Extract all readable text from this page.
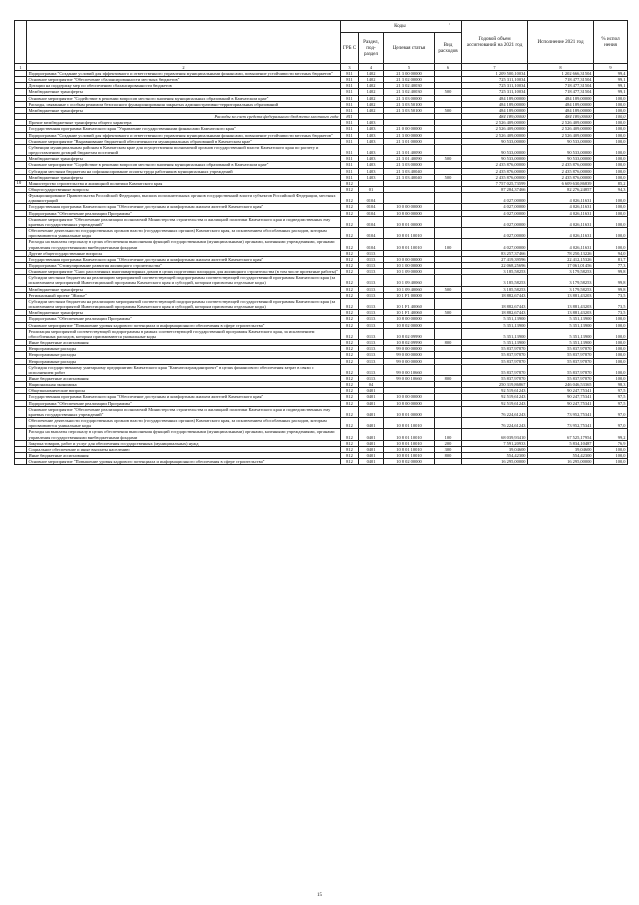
		Коды '				Годовой объем ассигнований на 2021 год	Исполнение 2021 год	% испол нения
		ГРБ С	Раздел, под-раздел	Целевая статья	Вид расходов			
1	2	3	4	5	6	7	8	9
	Подпрограмма "Создание условий для эффективного и ответственного управления муниципальными финансами, повышение устойчивости местных бюджетов"	811	1402	21 3 00 00000		1 209 500,10034	1 202 666,31504	99,4
	Основное мероприятие "Обеспечение сбалансированности местных бюджетов"	811	1402	21 3 02 00000		725 311,10034	718 477,31504	99,1
	Дотации на поддержку мер по обеспечению сбалансированности бюджетов	811	1402	21 3 02 40030		725 311,10034	718 477,31504	99,1
	Межбюджетные трансферты	811	1402	21 3 02 40030	500	725 311,10034	718 477,31504	99,1
	Основное мероприятие "Содействие в решении вопросов местного значения муниципальных образований в Камчатском крае"	811	1402	21 3 03 00000		484 189,00000	484 189,00000	100,0
	Расходы, связанные с особым режимом безопасного функционирования закрытых административно-территориальных образований	811	1402	21 3 03 50100		484 189,00000	484 189,00000	100,0
	Межбюджетные трансферты	811	1402	21 3 03 50100	500	484 189,00000	484 189,00000	100,0
	Расходы за счет средств федерального бюджета местного года	811				484 189,00000	484 189,00000	100,0
	Прочие межбюджетные трансферты общего характера	811	1403			2 526 409,00000	2 526 409,00000	100,0
	Государственная программа Камчатского края "Управление государственными финансами Камчатского края"	811	1403	21 0 00 00000		2 526 409,00000	2 526 409,00000	100,0
	Подпрограмма "Создание условий для эффективного и ответственного управления муниципальными финансами, повышение устойчивости местных бюджетов"	811	1403	21 3 00 00000		2 526 409,00000	2 526 409,00000	100,0
	Основное мероприятие "Выравнивание бюджетной обеспеченности муниципальных образований в Камчатском крае"	811	1403	21 3 01 00000		90 533,00000	90 533,00000	100,0
	Субвенции муниципальным районам в Камчатском крае для осуществления полномочий органов государственной власти Камчатского края по расчету и предоставлению дотаций бюджетам поселений	811	1403	21 3 01 40090		90 533,00000	90 533,00000	100,0
	Межбюджетные трансферты	811	1403	21 3 01 40090	500	90 533,00000	90 533,00000	100,0
	Основное мероприятие "Содействие в решении вопросов местного значения муниципальных образований в Камчатском крае"	811	1403	21 3 03 00000		2 435 876,00000	2 435 876,00000	100,0
	Субсидии местным бюджетам на софинансирование оплаты труда работников муниципальных учреждений	811	1403	21 3 03 40040		2 435 876,00000	2 435 876,00000	100,0
	Межбюджетные трансферты	811	1403	21 3 03 40040	500	2 435 876,00000	2 435 876,00000	100,0
10	Министерство строительства и жилищной политики Камчатского края	812				7 757 025,73599	6 609 630,86839	85,2
	Общегосударственные вопросы	812	01			87 284,37466	82 276,24857	94,3
	Функционирование Правительства Российской Федерации, высших исполнительных органов государственной власти субъектов Российской Федерации, местных администраций	812	0104			4 027,00000	4 026,11631	100,0
	Государственная программа Камчатского края "Обеспечение доступным и комфортным жильем жителей Камчатского края"	812	0104	10 0 00 00000		4 027,00000	4 026,11631	100,0
	Подпрограмма "Обеспечение реализации Программы"	812	0104	10 8 00 00000		4 027,00000	4 026,11631	100,0
	Основное мероприятие "Обеспечение реализации полномочий Министерства строительства и жилищной политики Камчатского края и подведомственных ему краевых государственных учреждений"	812	0104	10 8 01 00000		4 027,00000	4 026,11631	100,0
	Обеспечение деятельности государственных органов власти (государственных органов) Камчатского края, за исключением обособленных расходов, которым присваиваются уникальные коды	812	0104	10 8 01 10010		4 027,00000	4 026,11631	100,0
	Расходы на выплаты персоналу в целях обеспечения выполнения функций государственными (муниципальными) органами, казенными учреждениями, органами управления государственными внебюджетными фондами	812	0104	10 8 01 10010	100	4 027,00000	4 026,11631	100,0
	Другие общегосударственные вопросы	812	0113			83 257,37466	78 250,13226	94,0
	Государственная программа Камчатского края "Обеспечение доступным и комфортным жильем жителей Камчатского края"	812	0113	10 0 00 00000		27 419,39596	22 412,15326	81,7
	Подпрограмма "Стимулирование развития жилищного строительства"	812	0113	10 1 00 00000		22 068,25696	17 061,01456	77,3
	Основное мероприятие "Снос расселенных многоквартирных домов в целях подготовки площадок для жилищного строительства (в том числе проектные работы)"	812	0113	10 1 09 00000		3 185,58253	3 179,58253	99,8
	Субсидии местным бюджетам на реализацию мероприятий соответствующей подпрограммы соответствующей государственной программы Камчатского края (за исключением мероприятий Инвестиционной программы Камчатского края и субсидий, которым присвоены отдельные коды)	812	0113	10 1 09 40060		3 185,58253	3 179,58253	99,8
	Межбюджетные трансферты	812	0113	10 1 09 40060	500	3 185,58253	3 179,58253	99,8
	Региональный проект "Жилье"	812	0113	10 1 F1 00000		18 882,67443	13 881,43203	73,5
	Субсидии местным бюджетам на реализацию мероприятий соответствующей подпрограммы соответствующей государственной программы Камчатского края (за исключением мероприятий Инвестиционной программы Камчатского края и субсидий, которым присвоены отдельные коды)	812	0113	10 1 F1 40060		18 882,67443	13 881,43203	73,5
	Межбюджетные трансферты	812	0113	10 1 F1 40060	500	18 882,67443	13 881,43203	73,5
	Подпрограмма "Обеспечение реализации Программы"	812	0113	10 8 00 00000		5 351,13900	5 351,13900	100,0
	Основное мероприятие "Повышение уровня кадрового потенциала и информационного обеспечения в сфере строительства"	812	0113	10 8 02 00000		5 351,13900	5 351,13900	100,0
	Реализация мероприятий соответствующей подпрограммы в рамках соответствующей государственной программы Камчатского края, за исключением обособленных расходов, которым присваиваются уникальные коды	812	0113	10 8 02 09990		5 351,13900	5 351,13900	100,0
	Иные бюджетные ассигнования	812	0113	10 8 02 09990	800	5 351,13900	5 351,13900	100,0
	Непрограммные расходы	812	0113	99 0 00 00000		55 837,97870	55 837,97870	100,0
	Непрограммные расходы	812	0113	99 0 00 00000		55 837,97870	55 837,97870	100,0
	Непрограммные расходы	812	0113	99 0 00 00000		55 837,97870	55 837,97870	100,0
	Субсидия государственному унитарному предприятию Камчатского края "Камчатскгражданпроект" в целях финансового обеспечения затрат в связи с исполнением работ	812	0113	99 0 00 10660		55 837,97870	55 837,97870	100,0
	Иные бюджетные ассигнования	812	0113	99 0 00 10660	800	55 837,97870	55 837,97870	100,0
	Национальная экономика	812	04			250 319,86867	246 046,53365	98,3
	Общеэкономические вопросы	812	0401			92 519,61243	90 247,75341	97,5
	Государственная программа Камчатского края "Обеспечение доступным и комфортным жильем жителей Камчатского края"	812	0401	10 0 00 00000		92 519,61243	90 247,75341	97,5
	Подпрограмма "Обеспечение реализации Программы"	812	0401	10 8 00 00000		92 519,61243	90 247,75341	97,5
	Основное мероприятие "Обеспечение реализации полномочий Министерства строительства и жилищной политики Камчатского края и подведомственных ему краевых государственных учреждений"	812	0401	10 8 01 00000		76 224,61243	73 952,75341	97,0
	Обеспечение деятельности государственных органов власти (государственных органов) Камчатского края, за исключением обособленных расходов, которым присваиваются уникальные коды	812	0401	10 8 01 10010		76 224,61243	73 952,75341	97,0
	Расходы на выплаты персоналу в целях обеспечения выполнения функций государственными (муниципальными) органами, казенными учреждениями, органами управления государственными внебюджетными фондами	812	0401	10 8 01 10010	100	68 039,93410	67 525,17954	99,2
	Закупка товаров, работ и услуг для обеспечения государственных (муниципальных) нужд	812	0401	10 8 01 10010	200	7 591,20933	5 834,10487	76,9
	Социальное обеспечение и иные выплаты населению	812	0401	10 8 01 10010	300	39,04600	39,04600	100,0
	Иные бюджетные ассигнования	812	0401	10 8 01 10010	800	554,42300	554,42300	100,0
	Основное мероприятие "Повышение уровня кадрового потенциала и информационного обеспечения в сфере строительства"	812	0401	10 8 02 00000		16 295,00000	16 295,00000	100,0
15
